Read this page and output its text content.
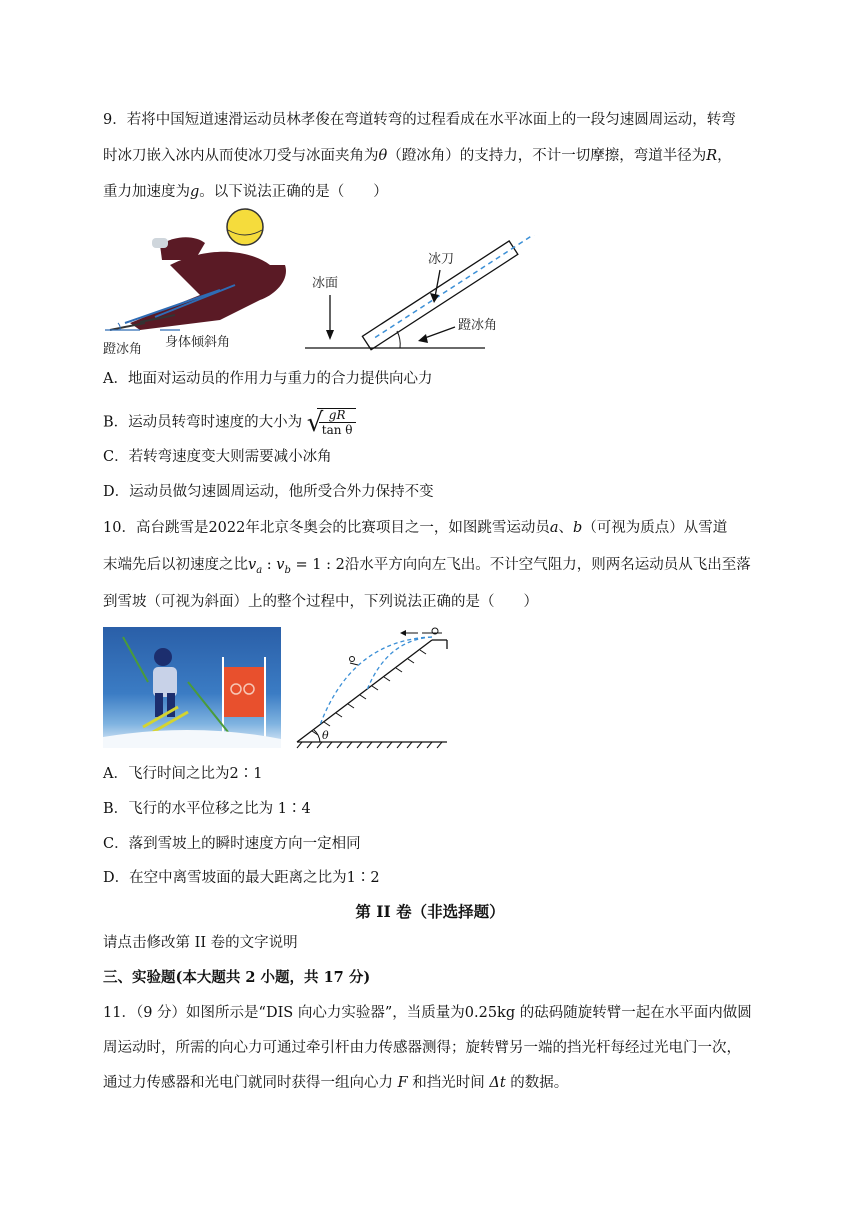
9．若将中国短道速滑运动员林孝俊在弯道转弯的过程看成在水平冰面上的一段匀速圆周运动，转弯
时冰刀嵌入冰内从而使冰刀受与冰面夹角为θ（蹬冰角）的支持力，不计一切摩擦，弯道半径为R，
重力加速度为g。以下说法正确的是（　　）
蹬冰角 身体倾斜角
冰面
冰刀
蹬冰角
A．地面对运动员的作用力与重力的合力提供向心力
B．运动员转弯时速度的大小为 √
$\frac{gR}{\text{tan θ}}$
C．若转弯速度变大则需要减小冰角
D．运动员做匀速圆周运动，他所受合外力保持不变
10．高台跳雪是2022年北京冬奥会的比赛项目之一，如图跳雪运动员a、b（可视为质点）从雪道
末端先后以初速度之比$v_a$ : $v_b = 1$ : 2沿水平方向向左飞出。不计空气阻力，则两名运动员从飞出至落
到雪坡（可视为斜面）上的整个过程中，下列说法正确的是（　　）
θ
A．飞行时间之比为2∶1
B．飞行的水平位移之比为 1∶4
C．落到雪坡上的瞬时速度方向一定相同
D．在空中离雪坡面的最大距离之比为1∶2
第 II 卷（非选择题）
请点击修改第 II 卷的文字说明
三、实验题(本大题共 2 小题，共 17 分)
11．（9 分）如图所示是“DIS 向心力实验器”，当质量为0.25kg 的砝码随旋转臂一起在水平面内做圆
周运动时，所需的向心力可通过牵引杆由力传感器测得；旋转臂另一端的挡光杆每经过光电门一次，
通过力传感器和光电门就同时获得一组向心力 F 和挡光时间 Δt 的数据。
